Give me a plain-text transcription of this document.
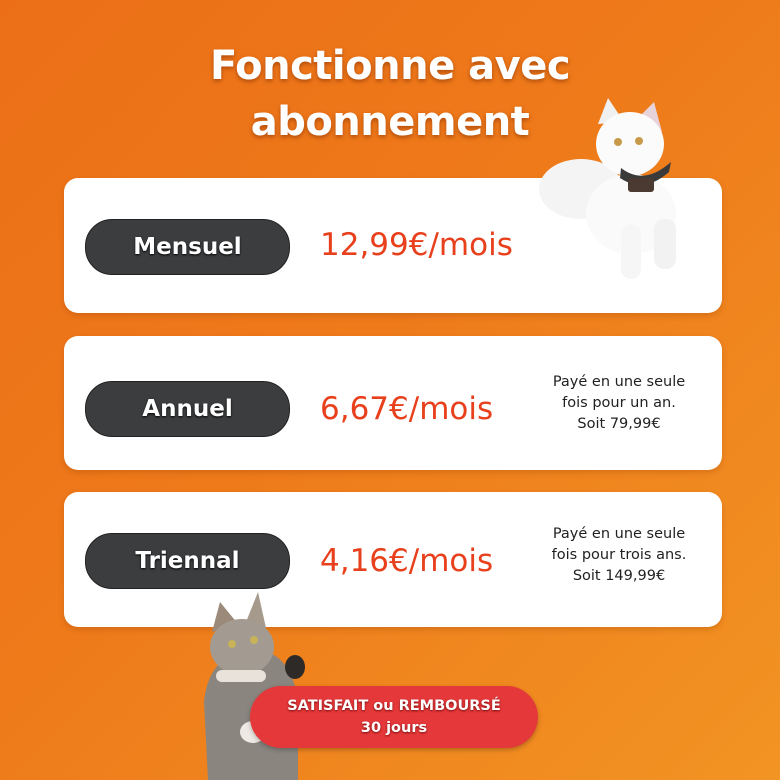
Fonctionne avec
abonnement
Mensuel	12,99€/mois
Annuel	6,67€/mois
Payé en une seule
fois pour un an.
Soit 79,99€
Triennal	4,16€/mois
Payé en une seule
fois pour trois ans.
Soit 149,99€
SATISFAIT ou REMBOURSÉ
30 jours
